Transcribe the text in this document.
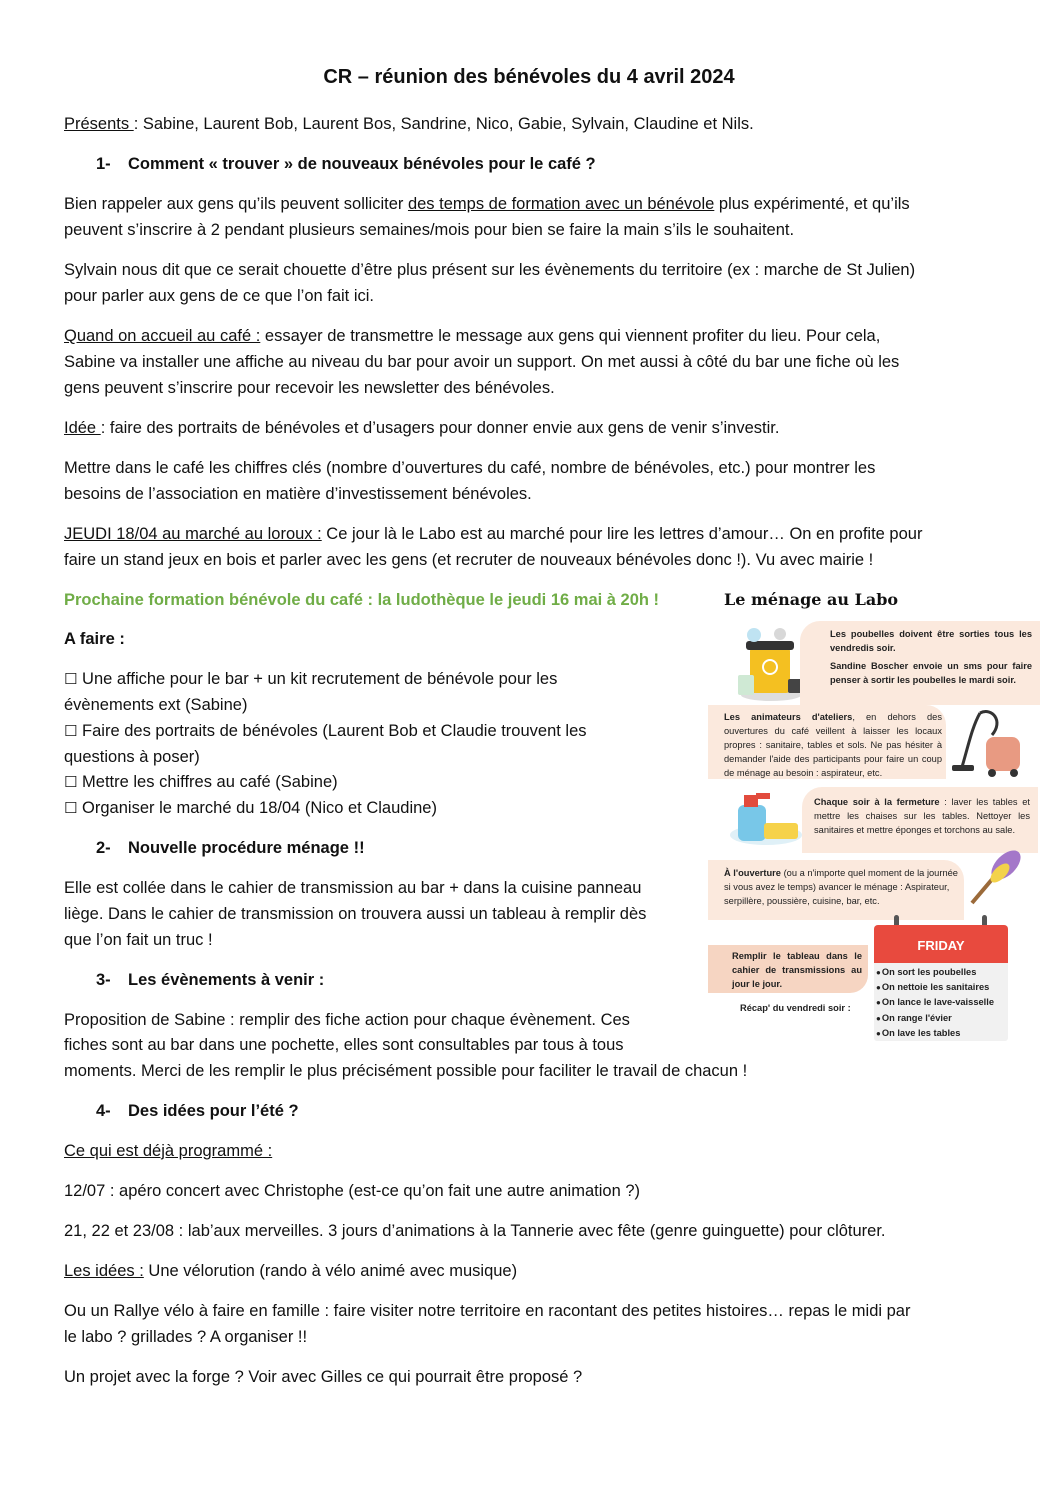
CR – réunion des bénévoles du 4 avril 2024
Présents : Sabine, Laurent Bob, Laurent Bos, Sandrine, Nico, Gabie, Sylvain, Claudine et Nils.
1- Comment « trouver » de nouveaux bénévoles pour le café ?
Bien rappeler aux gens qu’ils peuvent solliciter des temps de formation avec un bénévole plus expérimenté, et qu’ils
peuvent s’inscrire à 2 pendant plusieurs semaines/mois pour bien se faire la main s’ils le souhaitent.
Sylvain nous dit que ce serait chouette d’être plus présent sur les évènements du territoire (ex : marche de St Julien)
pour parler aux gens de ce que l’on fait ici.
Quand on accueil au café : essayer de transmettre le message aux gens qui viennent profiter du lieu. Pour cela,
Sabine va installer une affiche au niveau du bar pour avoir un support. On met aussi à côté du bar une fiche où les
gens peuvent s’inscrire pour recevoir les newsletter des bénévoles.
Idée : faire des portraits de bénévoles et d’usagers pour donner envie aux gens de venir s’investir.
Mettre dans le café les chiffres clés (nombre d’ouvertures du café, nombre de bénévoles, etc.) pour montrer les
besoins de l’association en matière d’investissement bénévoles.
JEUDI 18/04 au marché au loroux : Ce jour là le Labo est au marché pour lire les lettres d’amour… On en profite pour
faire un stand jeux en bois et parler avec les gens (et recruter de nouveaux bénévoles donc !). Vu avec mairie !
Prochaine formation bénévole du café : la ludothèque le jeudi 16 mai à 20h !
A faire :
☐ Une affiche pour le bar + un kit recrutement de bénévole pour les
évènements ext (Sabine)
☐ Faire des portraits de bénévoles (Laurent Bob et Claudie trouvent les
questions à poser)
☐ Mettre les chiffres au café (Sabine)
☐ Organiser le marché du 18/04 (Nico et Claudine)
2- Nouvelle procédure ménage !!
Elle est collée dans le cahier de transmission au bar + dans la cuisine panneau
liège. Dans le cahier de transmission on trouvera aussi un tableau à remplir dès
que l’on fait un truc !
3- Les évènements à venir :
Proposition de Sabine : remplir des fiche action pour chaque évènement. Ces
fiches sont au bar dans une pochette, elles sont consultables par tous à tous
moments. Merci de les remplir le plus précisément possible pour faciliter le travail de chacun !
4- Des idées pour l’été ?
Ce qui est déjà programmé :
12/07 : apéro concert avec Christophe (est-ce qu’on fait une autre animation ?)
21, 22 et 23/08 : lab’aux merveilles. 3 jours d’animations à la Tannerie avec fête (genre guinguette) pour clôturer.
Les idées : Une vélorution (rando à vélo animé avec musique)
Ou un Rallye vélo à faire en famille : faire visiter notre territoire en racontant des petites histoires… repas le midi par
le labo ? grillades ? A organiser !!
Un projet avec la forge ? Voir avec Gilles ce qui pourrait être proposé ?
Le ménage au Labo

Les poubelles doivent être sorties tous les vendredis soir.

Sandine Boscher envoie un sms pour faire penser à sortir les poubelles le mardi soir.

Les animateurs d'ateliers, en dehors des ouvertures du café veillent à laisser les locaux propres : sanitaire, tables et sols. Ne pas hésiter à demander l'aide des participants pour faire un coup de ménage au besoin : aspirateur, etc.

Chaque soir à la fermeture : laver les tables et mettre les chaises sur les tables. Nettoyer les sanitaires et mettre éponges et torchons au sale.

À l'ouverture (ou a n'importe quel moment de la journée si vous avez le temps) avancer le ménage : Aspirateur, serpillère, poussière, cuisine, bar, etc.

Remplir le tableau dans le cahier de transmissions au jour le jour.

Récap' du vendredi soir :
FRIDAY
● On sort les poubelles
● On nettoie les sanitaires
● On lance le lave-vaisselle
● On range l'évier
● On lave les tables
